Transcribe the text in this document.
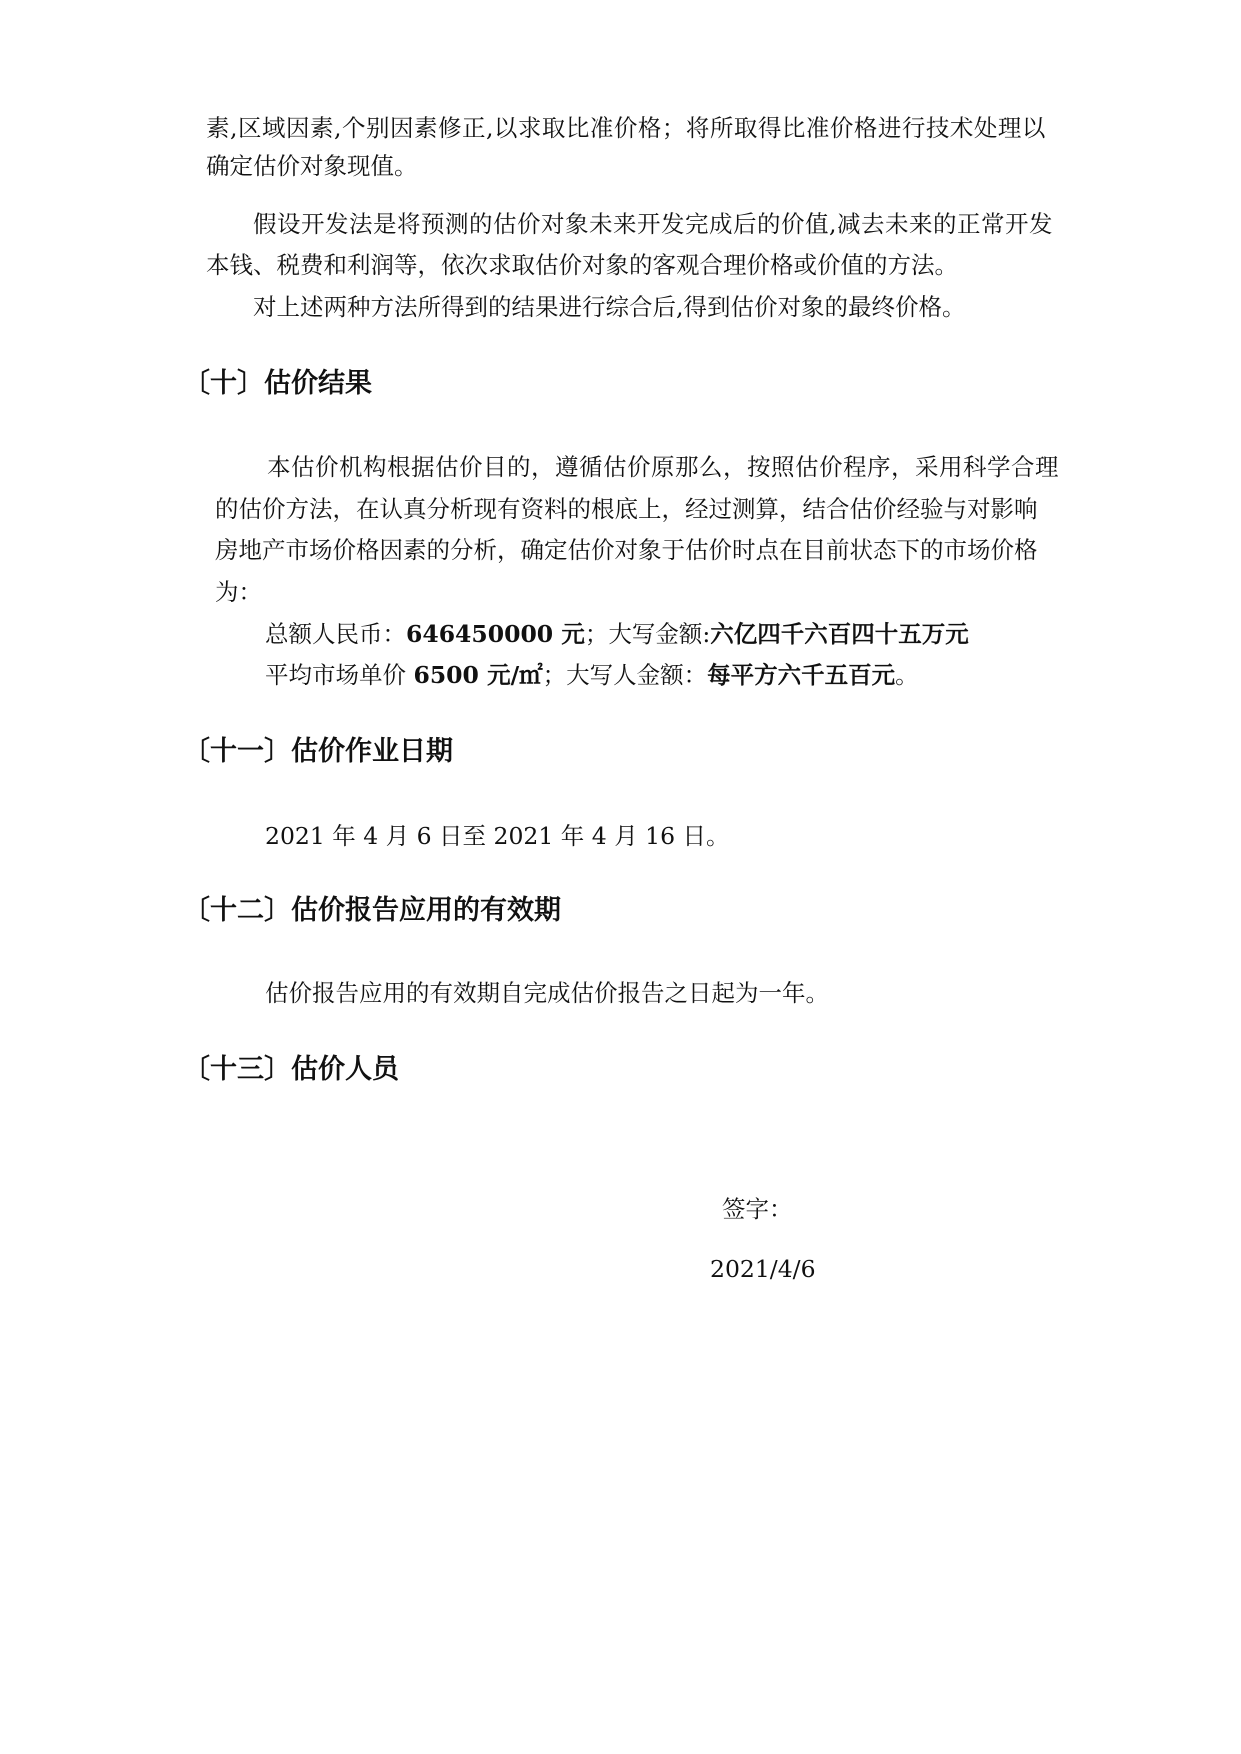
素,区域因素,个别因素修正,以求取比准价格；将所取得比准价格进行技术处理以
确定估价对象现值。
假设开发法是将预测的估价对象未来开发完成后的价值,减去未来的正常开发
本钱、税费和利润等，依次求取估价对象的客观合理价格或价值的方法。
对上述两种方法所得到的结果进行综合后,得到估价对象的最终价格。
〔十〕估价结果
本估价机构根据估价目的，遵循估价原那么，按照估价程序，采用科学合理
的估价方法，在认真分析现有资料的根底上，经过测算，结合估价经验与对影响
房地产市场价格因素的分析，确定估价对象于估价时点在目前状态下的市场价格
为：
总额人民币：646450000 元；大写金额:六亿四千六百四十五万元
平均市场单价 6500 元/㎡；大写人金额：每平方六千五百元。
〔十一〕估价作业日期
2021 年 4 月 6 日至 2021 年 4 月 16 日。
〔十二〕估价报告应用的有效期
估价报告应用的有效期自完成估价报告之日起为一年。
〔十三〕估价人员
签字：
2021/4/6
